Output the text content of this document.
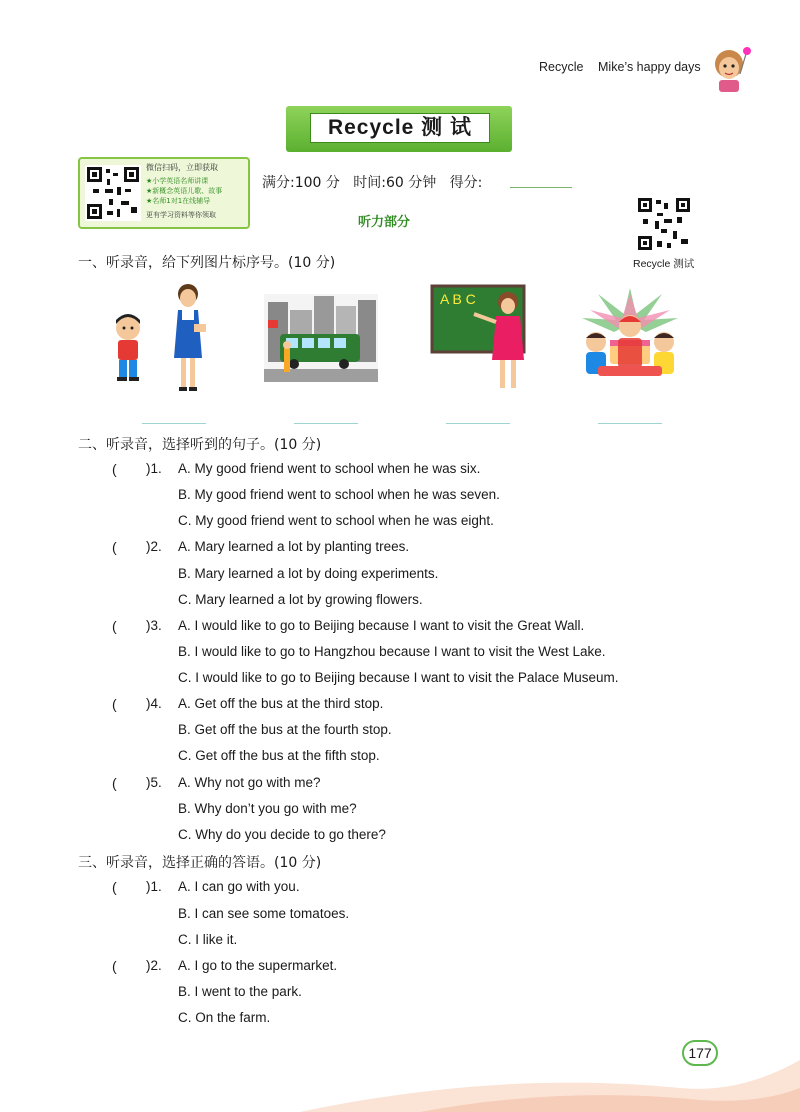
Recycle Mike’s happy days
Recycle 测 试
微信扫码，立即获取
★小学英语名师讲课
★新概念英语儿歌、故事
★名师1对1在线辅导
更有学习资料等你领取
满分:100 分   时间:60 分钟   得分:
听力部分
Recycle 测试
一、听录音，给下列图片标序号。(10 分)
A B C
二、听录音，选择听到的句子。(10 分)
( )1. A. My good friend went to school when he was six.
B. My good friend went to school when he was seven.
C. My good friend went to school when he was eight.
( )2. A. Mary learned a lot by planting trees.
B. Mary learned a lot by doing experiments.
C. Mary learned a lot by growing flowers.
( )3. A. I would like to go to Beijing because I want to visit the Great Wall.
B. I would like to go to Hangzhou because I want to visit the West Lake.
C. I would like to go to Beijing because I want to visit the Palace Museum.
( )4. A. Get off the bus at the third stop.
B. Get off the bus at the fourth stop.
C. Get off the bus at the fifth stop.
( )5. A. Why not go with me?
B. Why don’t you go with me?
C. Why do you decide to go there?
三、听录音，选择正确的答语。(10 分)
( )1. A. I can go with you.
B. I can see some tomatoes.
C. I like it.
( )2. A. I go to the supermarket.
B. I went to the park.
C. On the farm.
177
